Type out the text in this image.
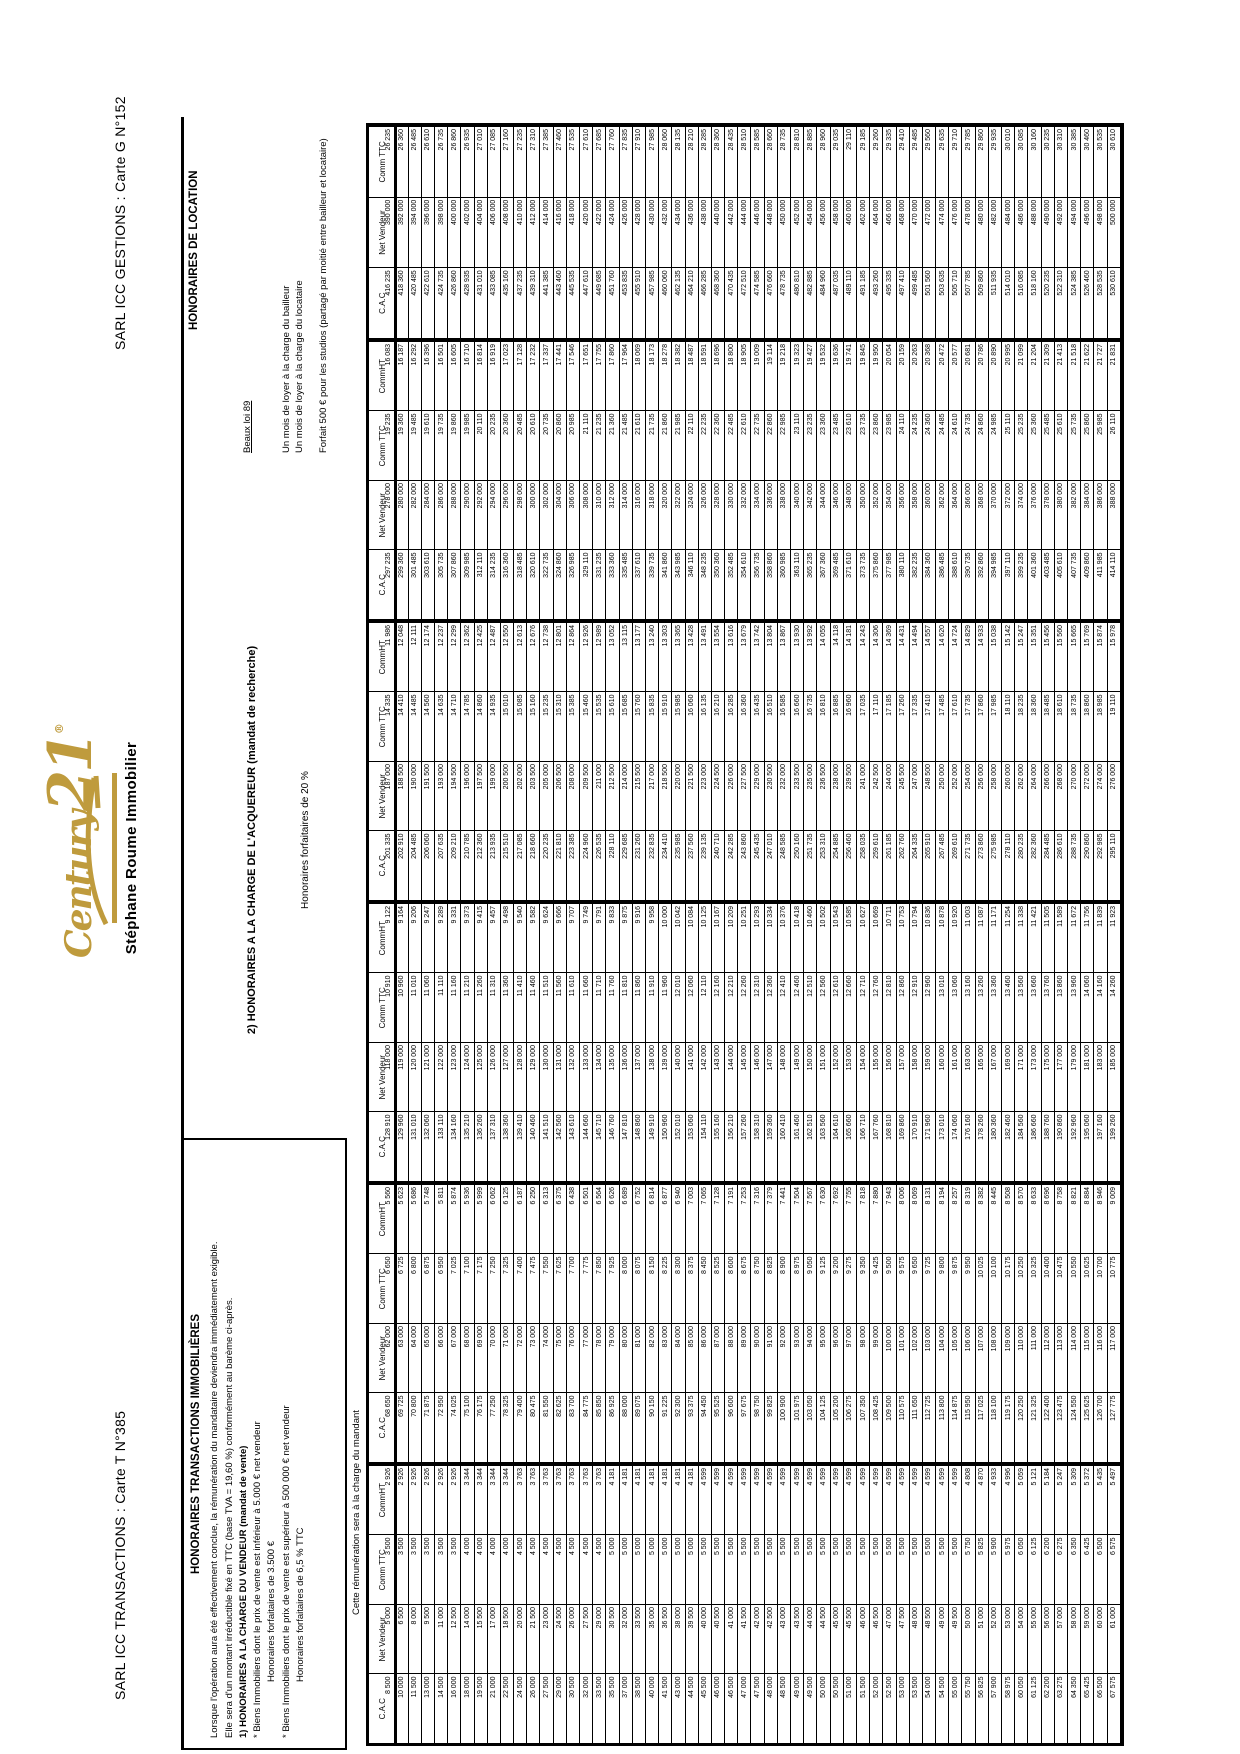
SARL ICC TRANSACTIONS : Carte T N°385
SARL ICC GESTIONS : Carte G N°152
Century21®
Stéphane Roume Immobilier
HONORAIRES TRANSACTIONS IMMOBILIÈRES Lorsque l'opération aura été effectivement conclue, la rémunération du mandataire deviendra immédiatement exigible. Elle sera d'un montant irréductible fixé en TTC (base TVA = 19,60 %) conformément au barème ci-après. 1) HONORAIRES A LA CHARGE DU VENDEUR (mandat de vente) * Biens Immobiliers dont le prix de vente est inférieur à 5.000 € net vendeur Honoraires forfaitaires de 3.500 € * Biens Immobiliers dont le prix de vente est supérieur à 500 000 € net vendeur Honoraires forfaitaires de 6,5 % TTC
2) HONORAIRES A LA CHARGE DE L'ACQUEREUR (mandat de recherche)	Honoraires forfaitaires de 20 %
HONORAIRES DE LOCATION
Beaux loi 89	Un mois de loyer à la charge du bailleur Un mois de loyer à la charge du locataire Forfait 500 € pour les studios (partagé par moitié entre bailleur et locataire)
Cette rémunération sera à la charge du mandant
C.A.C
Net Vendeur
Comm TTC
CommHT
8 500
5 000
3 500
2 926
10 000
6 500
3 500
2 926
11 500
8 000
3 500
2 926
13 000
9 500
3 500
2 926
14 500
11 000
3 500
2 926
16 000
12 500
3 500
2 926
18 000
14 000
4 000
3 344
19 500
15 500
4 000
3 344
21 000
17 000
4 000
3 344
22 500
18 500
4 000
3 344
24 500
20 000
4 500
3 763
26 000
21 500
4 500
3 763
27 500
23 000
4 500
3 763
29 000
24 500
4 500
3 763
30 500
26 000
4 500
3 763
32 000
27 500
4 500
3 763
33 500
29 000
4 500
3 763
35 500
30 500
5 000
4 181
37 000
32 000
5 000
4 181
38 500
33 500
5 000
4 181
40 000
35 000
5 000
4 181
41 500
36 500
5 000
4 181
43 000
38 000
5 000
4 181
44 500
39 500
5 000
4 181
45 500
40 000
5 500
4 599
46 000
40 500
5 500
4 599
46 500
41 000
5 500
4 599
47 000
41 500
5 500
4 599
47 500
42 000
5 500
4 599
48 000
42 500
5 500
4 599
48 500
43 000
5 500
4 599
49 000
43 500
5 500
4 599
49 500
44 000
5 500
4 599
50 000
44 500
5 500
4 599
50 500
45 000
5 500
4 599
51 000
45 500
5 500
4 599
51 500
46 000
5 500
4 599
52 000
46 500
5 500
4 599
52 500
47 000
5 500
4 599
53 000
47 500
5 500
4 599
53 500
48 000
5 500
4 599
54 000
48 500
5 500
4 599
54 500
49 000
5 500
4 599
55 000
49 500
5 500
4 599
55 750
50 000
5 750
4 808
56 825
51 000
5 825
4 870
57 900
52 000
5 900
4 933
58 975
53 000
5 975
4 996
60 050
54 000
6 050
5 059
61 125
55 000
6 125
5 121
62 200
56 000
6 200
5 184
63 275
57 000
6 275
5 247
64 350
58 000
6 350
5 309
65 425
59 000
6 425
5 372
66 500
60 000
6 500
5 435
67 575
61 000
6 575
5 497
C.A.C
Net Vendeur
Comm TTC
CommHT
68 650
62 000
6 650
5 560
69 725
63 000
6 725
5 623
70 800
64 000
6 800
5 686
71 875
65 000
6 875
5 748
72 950
66 000
6 950
5 811
74 025
67 000
7 025
5 874
75 100
68 000
7 100
5 936
76 175
69 000
7 175
5 999
77 250
70 000
7 250
6 062
78 325
71 000
7 325
6 125
79 400
72 000
7 400
6 187
80 475
73 000
7 475
6 250
81 550
74 000
7 550
6 313
82 625
75 000
7 625
6 375
83 700
76 000
7 700
6 438
84 775
77 000
7 775
6 501
85 850
78 000
7 850
6 564
86 925
79 000
7 925
6 626
88 000
80 000
8 000
6 689
89 075
81 000
8 075
6 752
90 150
82 000
8 150
6 814
91 225
83 000
8 225
6 877
92 300
84 000
8 300
6 940
93 375
85 000
8 375
7 003
94 450
86 000
8 450
7 065
95 525
87 000
8 525
7 128
96 600
88 000
8 600
7 191
97 675
89 000
8 675
7 253
98 750
90 000
8 750
7 316
99 825
91 000
8 825
7 379
100 900
92 000
8 900
7 441
101 975
93 000
8 975
7 504
103 050
94 000
9 050
7 567
104 125
95 000
9 125
7 630
105 200
96 000
9 200
7 692
106 275
97 000
9 275
7 755
107 350
98 000
9 350
7 818
108 425
99 000
9 425
7 880
109 500
100 000
9 500
7 943
110 575
101 000
9 575
8 006
111 650
102 000
9 650
8 069
112 725
103 000
9 725
8 131
113 800
104 000
9 800
8 194
114 875
105 000
9 875
8 257
115 950
106 000
9 950
8 319
117 025
107 000
10 025
8 382
118 100
108 000
10 100
8 445
119 175
109 000
10 175
8 508
120 250
110 000
10 250
8 570
121 325
111 000
10 325
8 633
122 400
112 000
10 400
8 696
123 475
113 000
10 475
8 758
124 550
114 000
10 550
8 821
125 625
115 000
10 625
8 884
126 700
116 000
10 700
8 946
127 775
117 000
10 775
9 009
C.A.C
Net Vendeur
Comm TTC
CommHT
128 910
118 000
10 910
9 122
129 960
119 000
10 960
9 164
131 010
120 000
11 010
9 206
132 060
121 000
11 060
9 247
133 110
122 000
11 110
9 289
134 160
123 000
11 160
9 331
135 210
124 000
11 210
9 373
136 260
125 000
11 260
9 415
137 310
126 000
11 310
9 457
138 360
127 000
11 360
9 498
139 410
128 000
11 410
9 540
140 460
129 000
11 460
9 582
141 510
130 000
11 510
9 624
142 560
131 000
11 560
9 666
143 610
132 000
11 610
9 707
144 660
133 000
11 660
9 749
145 710
134 000
11 710
9 791
146 760
135 000
11 760
9 833
147 810
136 000
11 810
9 875
148 860
137 000
11 860
9 916
149 910
138 000
11 910
9 958
150 960
139 000
11 960
10 000
152 010
140 000
12 010
10 042
153 060
141 000
12 060
10 084
154 110
142 000
12 110
10 125
155 160
143 000
12 160
10 167
156 210
144 000
12 210
10 209
157 260
145 000
12 260
10 251
158 310
146 000
12 310
10 293
159 360
147 000
12 360
10 334
160 410
148 000
12 410
10 376
161 460
149 000
12 460
10 418
162 510
150 000
12 510
10 460
163 560
151 000
12 560
10 502
164 610
152 000
12 610
10 543
165 660
153 000
12 660
10 585
166 710
154 000
12 710
10 627
167 760
155 000
12 760
10 669
168 810
156 000
12 810
10 711
169 860
157 000
12 860
10 753
170 910
158 000
12 910
10 794
171 960
159 000
12 960
10 836
173 010
160 000
13 010
10 878
174 060
161 000
13 060
10 920
176 160
163 000
13 160
11 003
178 260
165 000
13 260
11 087
180 360
167 000
13 360
11 171
182 460
169 000
13 460
11 254
184 560
171 000
13 560
11 338
186 660
173 000
13 660
11 421
188 760
175 000
13 760
11 505
190 860
177 000
13 860
11 589
192 960
179 000
13 960
11 672
195 060
181 000
14 060
11 756
197 160
183 000
14 160
11 839
199 260
185 000
14 260
11 923
C.A.C
Net Vendeur
Comm TTC
CommHT
201 335
187 000
14 335
11 986
202 910
188 500
14 410
12 048
204 485
190 000
14 485
12 111
206 060
191 500
14 560
12 174
207 635
193 000
14 635
12 237
209 210
194 500
14 710
12 299
210 785
196 000
14 785
12 362
212 360
197 500
14 860
12 425
213 935
199 000
14 935
12 487
215 510
200 500
15 010
12 550
217 085
202 000
15 085
12 613
218 660
203 500
15 160
12 676
220 235
205 000
15 235
12 738
221 810
206 500
15 310
12 801
223 385
208 000
15 385
12 864
224 960
209 500
15 460
12 926
226 535
211 000
15 535
12 989
228 110
212 500
15 610
13 052
229 685
214 000
15 685
13 115
231 260
215 500
15 760
13 177
232 835
217 000
15 835
13 240
234 410
218 500
15 910
13 303
235 985
220 000
15 985
13 365
237 560
221 500
16 060
13 428
239 135
223 000
16 135
13 491
240 710
224 500
16 210
13 554
242 285
226 000
16 285
13 616
243 860
227 500
16 360
13 679
245 435
229 000
16 435
13 742
247 010
230 500
16 510
13 804
248 585
232 000
16 585
13 867
250 160
233 500
16 660
13 930
251 735
235 000
16 735
13 992
253 310
236 500
16 810
14 055
254 885
238 000
16 885
14 118
256 460
239 500
16 960
14 181
258 035
241 000
17 035
14 243
259 610
242 500
17 110
14 306
261 185
244 000
17 185
14 369
262 760
245 500
17 260
14 431
264 335
247 000
17 335
14 494
265 910
248 500
17 410
14 557
267 485
250 000
17 485
14 620
269 610
252 000
17 610
14 724
271 735
254 000
17 735
14 829
273 860
256 000
17 860
14 933
275 985
258 000
17 985
15 038
278 110
260 000
18 110
15 142
280 235
262 000
18 235
15 247
282 360
264 000
18 360
15 351
284 485
266 000
18 485
15 456
286 610
268 000
18 610
15 560
288 735
270 000
18 735
15 665
290 860
272 000
18 860
15 769
292 985
274 000
18 985
15 874
295 110
276 000
19 110
15 978
C.A.C
Net Vendeur
Comm TTC
CommHT
297 235
278 000
19 235
16 083
299 360
280 000
19 360
16 187
301 485
282 000
19 485
16 292
303 610
284 000
19 610
16 396
305 735
286 000
19 735
16 501
307 860
288 000
19 860
16 605
309 985
290 000
19 985
16 710
312 110
292 000
20 110
16 814
314 235
294 000
20 235
16 919
316 360
296 000
20 360
17 023
318 485
298 000
20 485
17 128
320 610
300 000
20 610
17 232
322 735
302 000
20 735
17 337
324 860
304 000
20 860
17 441
326 985
306 000
20 985
17 546
329 110
308 000
21 110
17 651
331 235
310 000
21 235
17 755
333 360
312 000
21 360
17 860
335 485
314 000
21 485
17 964
337 610
316 000
21 610
18 069
339 735
318 000
21 735
18 173
341 860
320 000
21 860
18 278
343 985
322 000
21 985
18 382
346 110
324 000
22 110
18 487
348 235
326 000
22 235
18 591
350 360
328 000
22 360
18 696
352 485
330 000
22 485
18 800
354 610
332 000
22 610
18 905
356 735
334 000
22 735
19 009
358 860
336 000
22 860
19 114
360 985
338 000
22 985
19 218
363 110
340 000
23 110
19 323
365 235
342 000
23 235
19 427
367 360
344 000
23 360
19 532
369 485
346 000
23 485
19 636
371 610
348 000
23 610
19 741
373 735
350 000
23 735
19 845
375 860
352 000
23 860
19 950
377 985
354 000
23 985
20 054
380 110
356 000
24 110
20 159
382 235
358 000
24 235
20 263
384 360
360 000
24 360
20 368
386 485
362 000
24 485
20 472
388 610
364 000
24 610
20 577
390 735
366 000
24 735
20 681
392 860
368 000
24 860
20 786
394 985
370 000
24 985
20 890
397 110
372 000
25 110
20 995
399 235
374 000
25 235
21 099
401 360
376 000
25 360
21 204
403 485
378 000
25 485
21 309
405 610
380 000
25 610
21 413
407 735
382 000
25 735
21 518
409 860
384 000
25 860
21 622
411 985
386 000
25 985
21 727
414 110
388 000
26 110
21 831
C.A.C
Net Vendeur
Comm TTC
416 235
390 000
26 235
418 360
392 000
26 360
420 485
394 000
26 485
422 610
396 000
26 610
424 735
398 000
26 735
426 860
400 000
26 860
428 935
402 000
26 935
431 010
404 000
27 010
433 085
406 000
27 085
435 160
408 000
27 160
437 235
410 000
27 235
439 310
412 000
27 310
441 385
414 000
27 385
443 460
416 000
27 460
445 535
418 000
27 535
447 610
420 000
27 610
449 685
422 000
27 685
451 760
424 000
27 760
453 835
426 000
27 835
455 910
428 000
27 910
457 985
430 000
27 985
460 060
432 000
28 060
462 135
434 000
28 135
464 210
436 000
28 210
466 285
438 000
28 285
468 360
440 000
28 360
470 435
442 000
28 435
472 510
444 000
28 510
474 585
446 000
28 585
476 660
448 000
28 660
478 735
450 000
28 735
480 810
452 000
28 810
482 885
454 000
28 885
484 960
456 000
28 960
487 035
458 000
29 035
489 110
460 000
29 110
491 185
462 000
29 185
493 260
464 000
29 260
495 335
466 000
29 335
497 410
468 000
29 410
499 485
470 000
29 485
501 560
472 000
29 560
503 635
474 000
29 635
505 710
476 000
29 710
507 785
478 000
29 785
509 860
480 000
29 860
511 935
482 000
29 935
514 010
484 000
30 010
516 085
486 000
30 085
518 160
488 000
30 160
520 235
490 000
30 235
522 310
492 000
30 310
524 385
494 000
30 385
526 460
496 000
30 460
528 535
498 000
30 535
530 610
500 000
30 610
